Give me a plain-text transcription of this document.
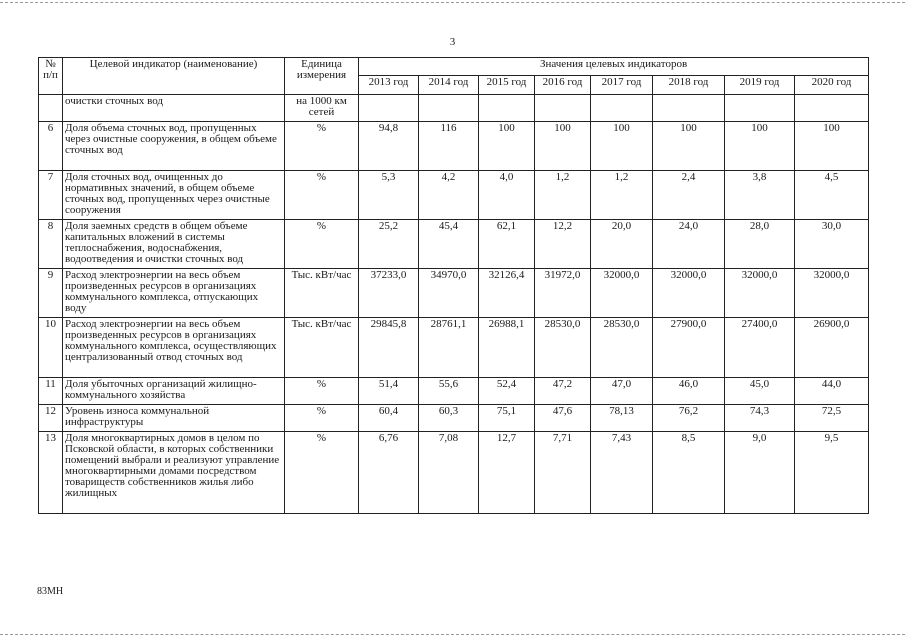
3
№ п/п	Целевой индикатор (наименование)	Единица измерения	Значения целевых индикаторов							
			2013 год	2014 год	2015 год	2016 год	2017 год	2018 год	2019 год	2020 год
	очистки сточных вод	на 1000 км сетей								
6	Доля объема сточных вод, пропущенных через очистные сооружения, в общем объеме сточных вод	%	94,8	116	100	100	100	100	100	100
7	Доля сточных вод, очищенных до нормативных значений, в общем объеме сточных вод, пропущенных через очистные сооружения	%	5,3	4,2	4,0	1,2	1,2	2,4	3,8	4,5
8	Доля заемных средств в общем объеме капитальных вложений в системы теплоснабжения, водоснабжения, водоотведения и очистки сточных вод	%	25,2	45,4	62,1	12,2	20,0	24,0	28,0	30,0
9	Расход электроэнергии на весь объем произведенных ресурсов в организациях коммунального комплекса, отпускающих воду	Тыс. кВт/час	37233,0	34970,0	32126,4	31972,0	32000,0	32000,0	32000,0	32000,0
10	Расход электроэнергии на весь объем произведенных ресурсов в организациях коммунального комплекса, осуществляющих централизованный отвод сточных вод	Тыс. кВт/час	29845,8	28761,1	26988,1	28530,0	28530,0	27900,0	27400,0	26900,0
11	Доля убыточных организаций жилищно-коммунального хозяйства	%	51,4	55,6	52,4	47,2	47,0	46,0	45,0	44,0
12	Уровень износа коммунальной инфраструктуры	%	60,4	60,3	75,1	47,6	78,13	76,2	74,3	72,5
13	Доля многоквартирных домов в целом по Псковской области, в которых собственники помещений выбрали и реализуют управление многоквартирными домами посредством товариществ собственников жилья либо жилищных	%	6,76	7,08	12,7	7,71	7,43	8,5	9,0	9,5
83МН
